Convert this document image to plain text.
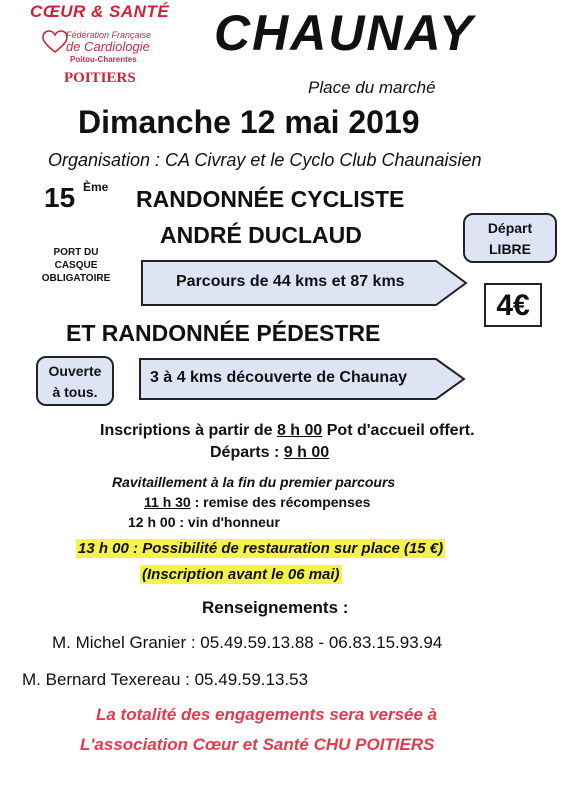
CŒUR & SANTÉ
Fédération Française
de Cardiologie
Poitou-Charentes
POITIERS
CHAUNAY
Place du marché
Dimanche 12 mai 2019
Organisation : CA Civray et le Cyclo Club Chaunaisien
15 Ème RANDONNÉE CYCLISTE
ANDRÉ DUCLAUD	Départ
LIBRE
PORT DU
CASQUE
OBLIGATOIRE	Parcours de 44 kms et 87 kms
4€
ET RANDONNÉE PÉDESTRE
Ouverte
à tous.
3 à 4 kms découverte de Chaunay
Inscriptions à partir de 8 h 00 Pot d'accueil offert.
Départs : 9 h 00
Ravitaillement à la fin du premier parcours
11 h 30 : remise des récompenses
12 h 00 : vin d'honneur
13 h 00 : Possibilité de restauration sur place (15 €)
(Inscription avant le 06 mai)
Renseignements :
M. Michel Granier : 05.49.59.13.88 - 06.83.15.93.94
M. Bernard Texereau : 05.49.59.13.53
La totalité des engagements sera versée à
L'association Cœur et Santé CHU POITIERS
